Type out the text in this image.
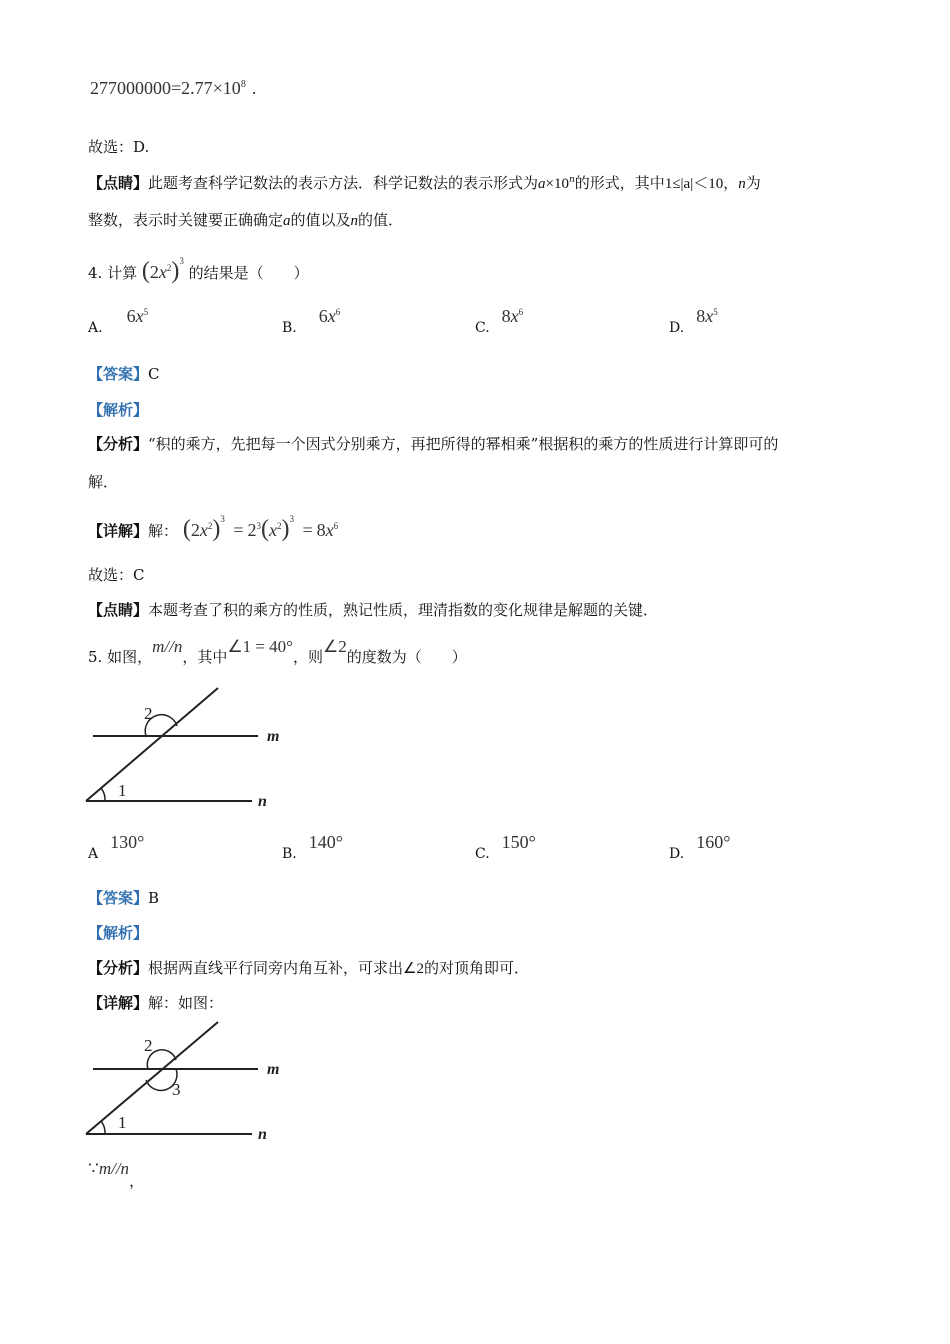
$277000000=2.77\times 10^8$ .
故选：D.
【点睛】此题考查科学记数法的表示方法．科学记数法的表示形式为$a\times 10^n$的形式，其中1≤|a|＜10，n为
整数，表示时关键要正确确定a的值以及n的值．
4. 计算 $(2x^2)^3$ 的结果是（　　）
$A.6x^5$
$B.6x^6$
$C.8x^6$
$D.8x^5$
【答案】C
【解析】
【分析】“积的乘方，先把每一个因式分别乘方，再把所得的幂相乘”根据积的乘方的性质进行计算即可的
解．
【详解】解： $(2x^2)^3 = 2^3(x^2)^3 = 8x^6$
故选：C
【点睛】本题考查了积的乘方的性质，熟记性质，理清指数的变化规律是解题的关键．
5. 如图，m//n，其中∠1 = 40°，则∠2的度数为（　　）
2
1
m
n
A130°
B.140°
C.150°
D.160°
【答案】B
【解析】
【分析】根据两直线平行同旁内角互补，可求出∠2的对顶角即可．
【详解】解：如图：
2
3
1
m
n
∵m//n，
